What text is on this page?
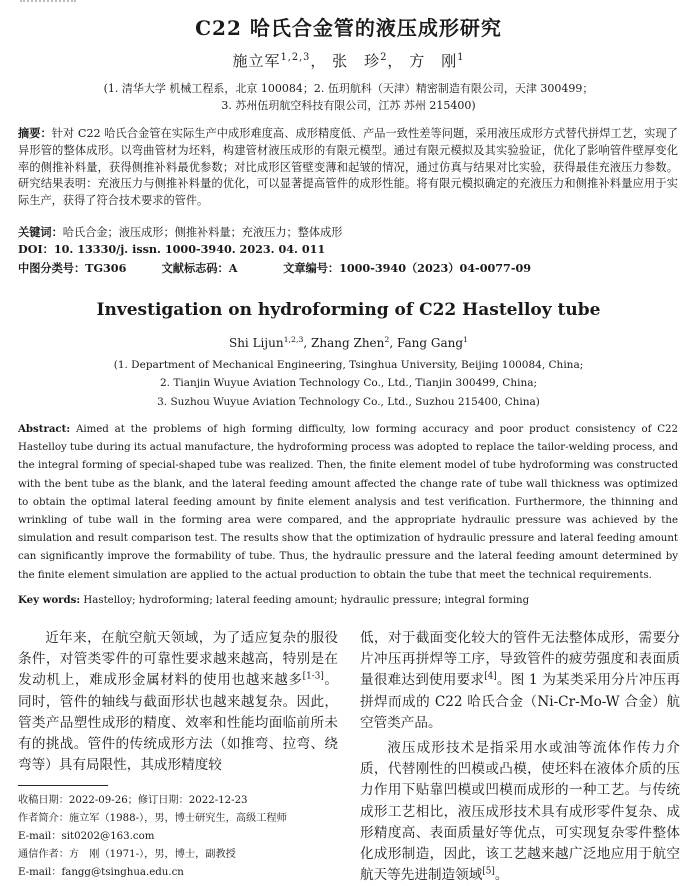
C22 哈氏合金管的液压成形研究
施立军$^{1,2,3}$， 张　珍$^2$， 方　刚$^1$
(1. 清华大学 机械工程系，北京 100084；2. 伍玥航科（天津）精密制造有限公司，天津 300499；
3. 苏州伍玥航空科技有限公司，江苏 苏州 215400)
摘要：针对 C22 哈氏合金管在实际生产中成形难度高、成形精度低、产品一致性差等问题，采用液压成形方式替代拼焊工艺，实现了异形管的整体成形。以弯曲管材为坯料，构建管材液压成形的有限元模型。通过有限元模拟及其实验验证，优化了影响管件壁厚变化率的侧推补料量，获得侧推补料最优参数；对比成形区管壁变薄和起皱的情况，通过仿真与结果对比实验，获得最佳充液压力参数。研究结果表明：充液压力与侧推补料量的优化，可以显著提高管件的成形性能。将有限元模拟确定的充液压力和侧推补料量应用于实际生产，获得了符合技术要求的管件。
关键词：哈氏合金；液压成形；侧推补料量；充液压力；整体成形
DOI：10. 13330/j. issn. 1000-3940. 2023. 04. 011
中图分类号：TG306	文献标志码：A	文章编号：1000-3940（2023）04-0077-09
Investigation on hydroforming of C22 Hastelloy tube
Shi Lijun$^{1,2,3}$, Zhang Zhen$^2$, Fang Gang$^1$
(1. Department of Mechanical Engineering, Tsinghua University, Beijing 100084, China;
2. Tianjin Wuyue Aviation Technology Co., Ltd., Tianjin 300499, China;
3. Suzhou Wuyue Aviation Technology Co., Ltd., Suzhou 215400, China)
Abstract: Aimed at the problems of high forming difficulty, low forming accuracy and poor product consistency of C22 Hastelloy tube during its actual manufacture, the hydroforming process was adopted to replace the tailor-welding process, and the integral forming of special-shaped tube was realized. Then, the finite element model of tube hydroforming was constructed with the bent tube as the blank, and the lateral feeding amount affected the change rate of tube wall thickness was optimized to obtain the optimal lateral feeding amount by finite element analysis and test verification. Furthermore, the thinning and wrinkling of tube wall in the forming area were compared, and the appropriate hydraulic pressure was achieved by the simulation and result comparison test. The results show that the optimization of hydraulic pressure and lateral feeding amount can significantly improve the formability of tube. Thus, the hydraulic pressure and the lateral feeding amount determined by the finite element simulation are applied to the actual production to obtain the tube that meet the technical requirements.
Key words: Hastelloy; hydroforming; lateral feeding amount; hydraulic pressure; integral forming

近年来，在航空航天领域，为了适应复杂的服役条件，对管类零件的可靠性要求越来越高，特别是在发动机上，难成形金属材料的使用也越来越多[1-3]。同时，管件的轴线与截面形状也越来越复杂。因此，管类产品塑性成形的精度、效率和性能均面临前所未有的挑战。管件的传统成形方法（如推弯、拉弯、绕弯等）具有局限性，其成形精度较

低，对于截面变化较大的管件无法整体成形，需要分片冲压再拼焊等工序，导致管件的疲劳强度和表面质量很难达到使用要求[4]。图 1 为某类采用分片冲压再拼焊而成的 C22 哈氏合金（Ni-Cr-Mo-W 合金）航空管类产品。

液压成形技术是指采用水或油等流体作传力介质，代替刚性的凹模或凸模，使坯料在液体介质的压力作用下贴靠凹模或凹模而成形的一种工艺。与传统成形工艺相比，液压成形技术具有成形零件复杂、成形精度高、表面质量好等优点，可实现复杂零件整体化成形制造，因此，该工艺越来越广泛地应用于航空航天等先进制造领域[5]。

收稿日期：2022-09-26；修订日期：2022-12-23
作者简介：施立军（1988-），男，博士研究生，高级工程师
E-mail：sit0202@163.com
通信作者：方　刚（1971-），男，博士，副教授
E-mail：fangg@tsinghua.edu.cn
